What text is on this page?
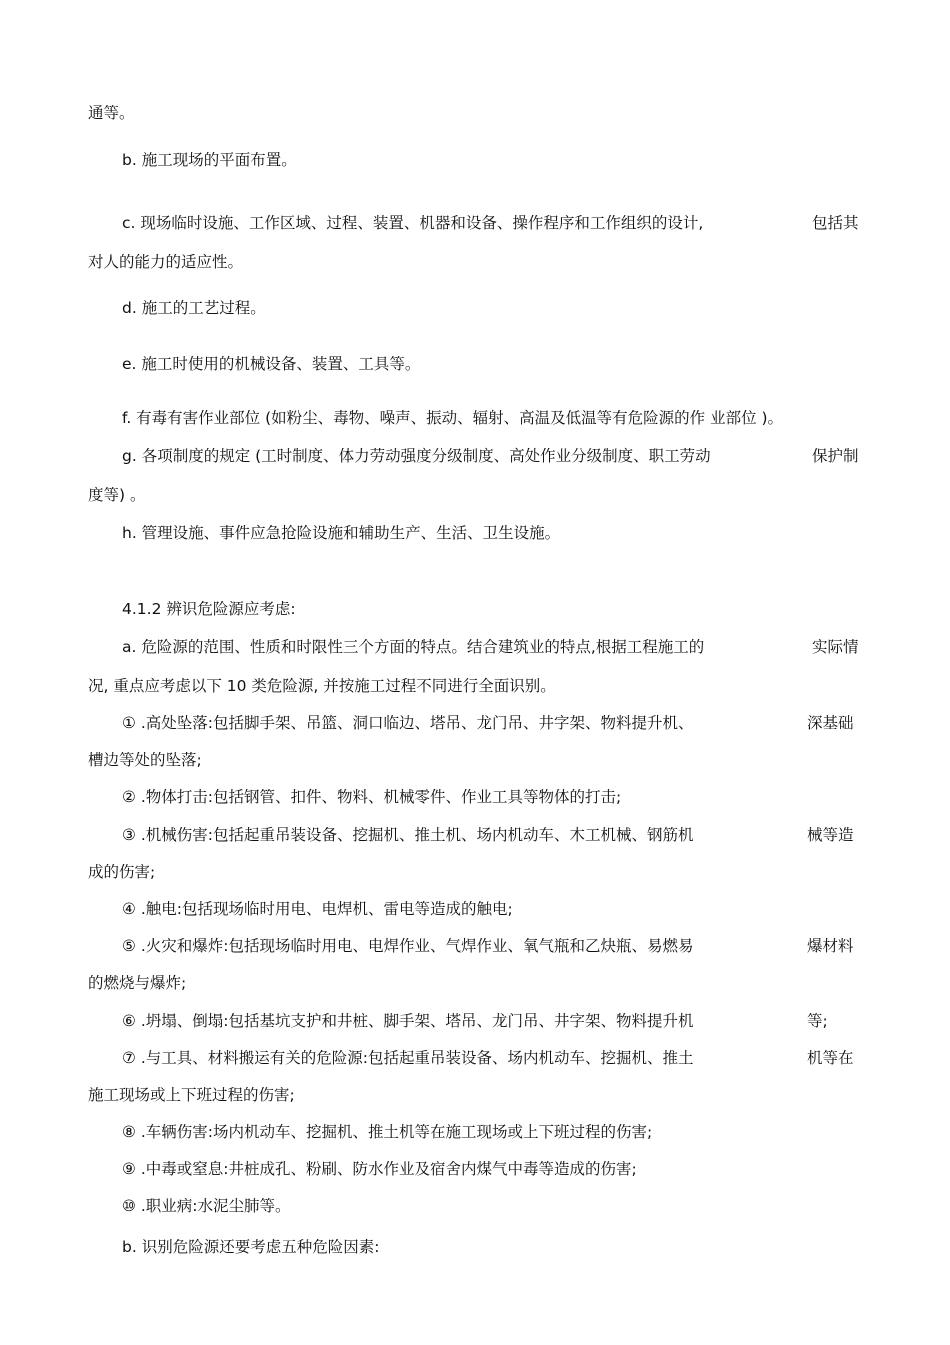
通等。

b. 施工现场的平面布置。

c. 现场临时设施、工作区域、过程、装置、机器和设备、操作程序和工作组织的设计,	包括其

对人的能力的适应性。

d. 施工的工艺过程。

e. 施工时使用的机械设备、装置、工具等。

f. 有毒有害作业部位 (如粉尘、毒物、噪声、振动、辐射、高温及低温等有危险源的作 业部位 )。

g. 各项制度的规定 (工时制度、体力劳动强度分级制度、高处作业分级制度、职工劳动	保护制

度等) 。

h. 管理设施、事件应急抢险设施和辅助生产、生活、卫生设施。

4.1.2 辨识危险源应考虑:

a. 危险源的范围、性质和时限性三个方面的特点。结合建筑业的特点,根据工程施工的	实际情

况, 重点应考虑以下 10 类危险源, 并按施工过程不同进行全面识别。

① .高处坠落:包括脚手架、吊篮、洞口临边、塔吊、龙门吊、井字架、物料提升机、	深基础

槽边等处的坠落;

② .物体打击:包括钢管、扣件、物料、机械零件、作业工具等物体的打击;

③ .机械伤害:包括起重吊装设备、挖掘机、推土机、场内机动车、木工机械、钢筋机	械等造

成的伤害;

④ .触电:包括现场临时用电、电焊机、雷电等造成的触电;

⑤ .火灾和爆炸:包括现场临时用电、电焊作业、气焊作业、氧气瓶和乙炔瓶、易燃易	爆材料

的燃烧与爆炸;

⑥ .坍塌、倒塌:包括基坑支护和井桩、脚手架、塔吊、龙门吊、井字架、物料提升机	等;

⑦ .与工具、材料搬运有关的危险源:包括起重吊装设备、场内机动车、挖掘机、推土	机等在

施工现场或上下班过程的伤害;

⑧ .车辆伤害:场内机动车、挖掘机、推土机等在施工现场或上下班过程的伤害;

⑨ .中毒或窒息:井桩成孔、粉刷、防水作业及宿舍内煤气中毒等造成的伤害;

⑩ .职业病:水泥尘肺等。

b. 识别危险源还要考虑五种危险因素:
